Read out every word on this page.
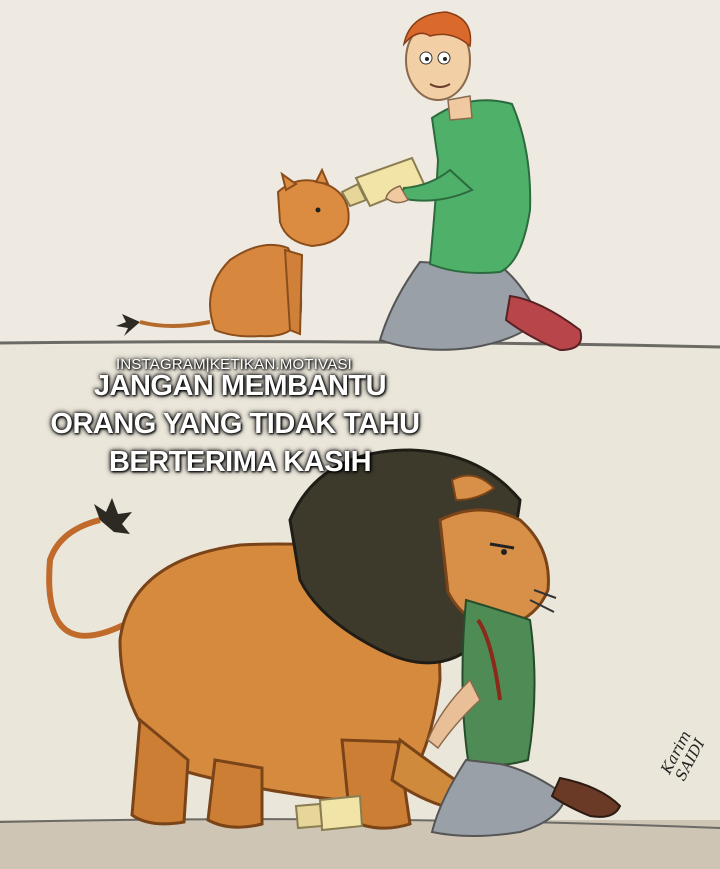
INSTAGRAM|KETIKAN.MOTIVASI
JANGAN MEMBANTU
ORANG YANG TIDAK TAHU
BERTERIMA KASIH
Karim SAIDI
